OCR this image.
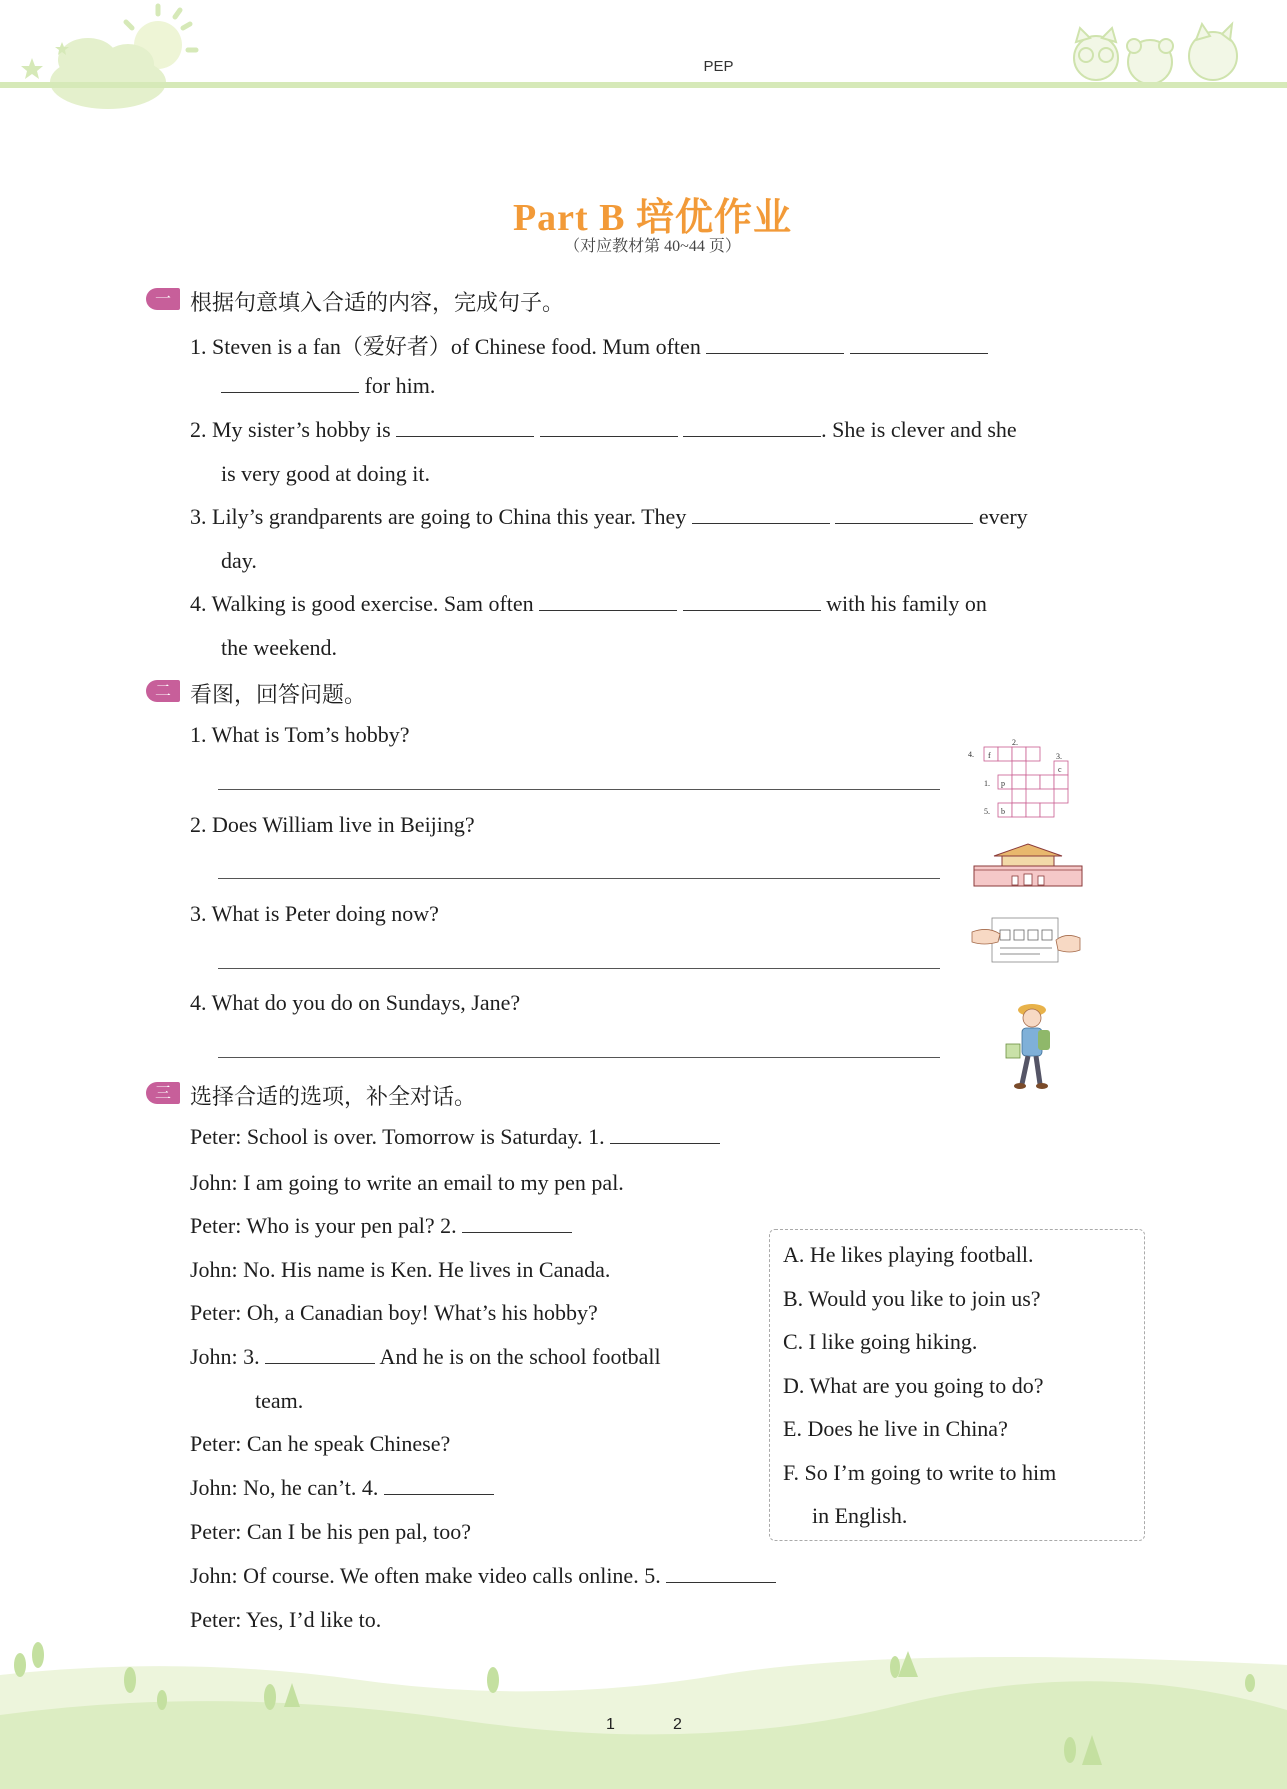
PEP
Part B 培优作业
（对应教材第 40~44 页）
一 根据句意填入合适的内容，完成句子。
1. Steven is a fan（爱好者）of Chinese food. Mum often
for him.
2. My sister’s hobby is	. She is clever and she
is very good at doing it.
3. Lily’s grandparents are going to China this year. They	every
day.
4. Walking is good exercise. Sam often	with his family on
the weekend.
二 看图，回答问题。
1. What is Tom’s hobby?
2. Does William live in Beijing?
3. What is Peter doing now?
4. What do you do on Sundays, Jane?
2.
3.
4.
1.
5.
f
c
p
b
三 选择合适的选项，补全对话。
Peter: School is over. Tomorrow is Saturday. 1.
John: I am going to write an email to my pen pal.
Peter: Who is your pen pal? 2.
John: No. His name is Ken. He lives in Canada.
Peter: Oh, a Canadian boy! What’s his hobby?
John: 3.	And he is on the school football
team.
Peter: Can he speak Chinese?
John: No, he can’t. 4.
Peter: Can I be his pen pal, too?
John: Of course. We often make video calls online. 5.
Peter: Yes, I’d like to.
A. He likes playing football.
B. Would you like to join us?
C. I like going hiking.
D. What are you going to do?
E. Does he live in China?
F. So I’m going to write to him
in English.
1	2
